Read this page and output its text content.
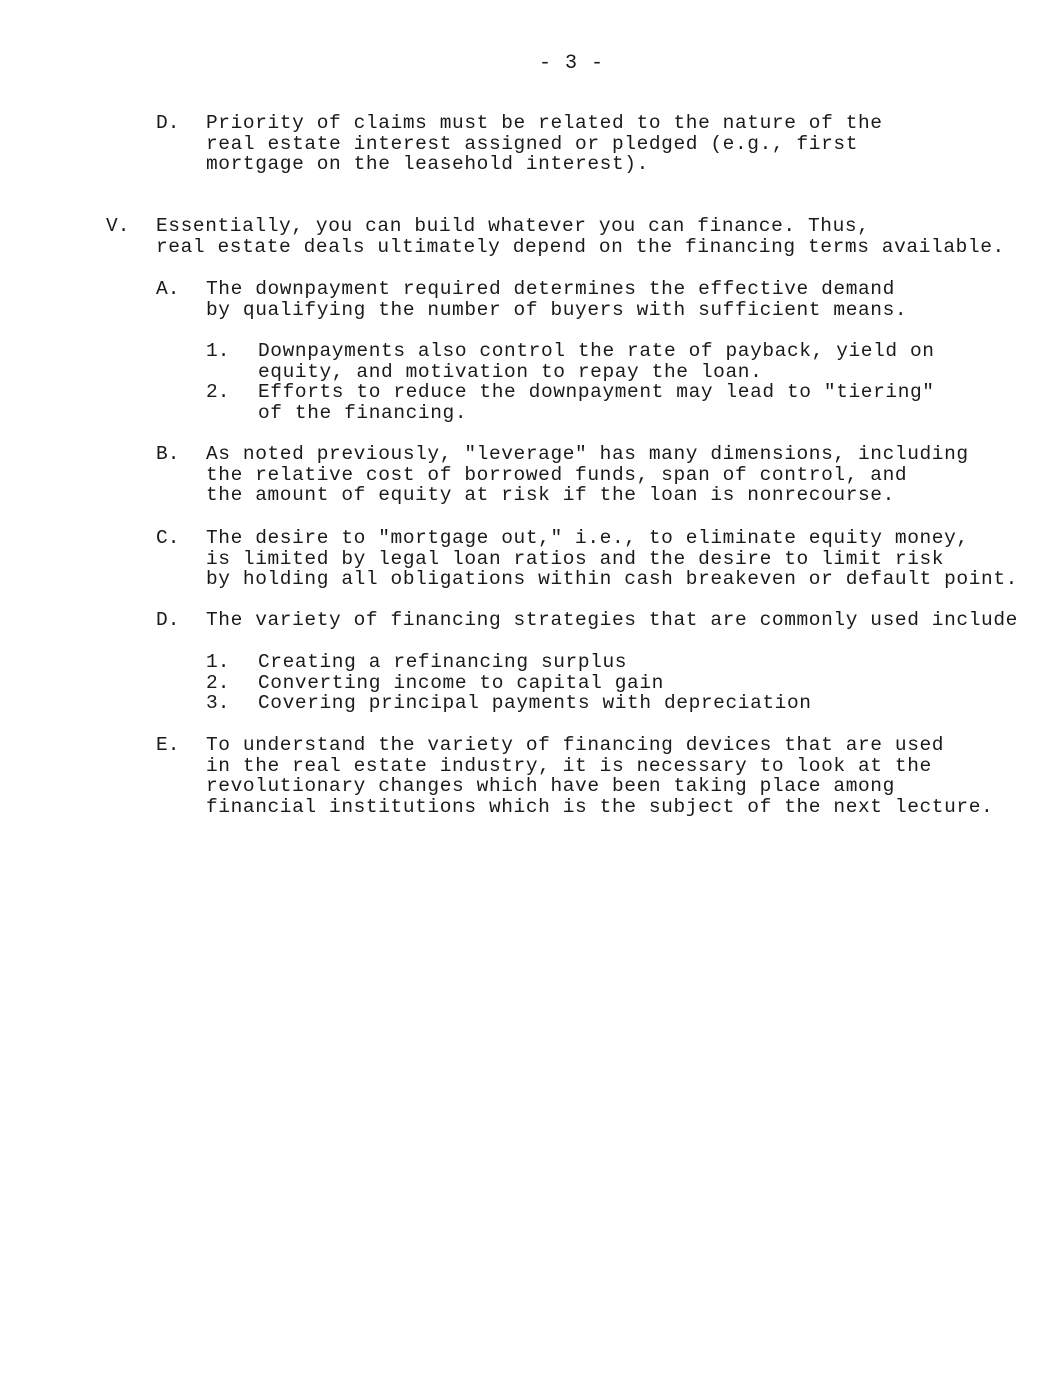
- 3 -
D. Priority of claims must be related to the nature of the
real estate interest assigned or pledged (e.g., first
mortgage on the leasehold interest).
V. Essentially, you can build whatever you can finance. Thus,
real estate deals ultimately depend on the financing terms available.
A. The downpayment required determines the effective demand
by qualifying the number of buyers with sufficient means.
1. Downpayments also control the rate of payback, yield on
equity, and motivation to repay the loan.
2. Efforts to reduce the downpayment may lead to "tiering"
of the financing.
B. As noted previously, "leverage" has many dimensions, including
the relative cost of borrowed funds, span of control, and
the amount of equity at risk if the loan is nonrecourse.
C. The desire to "mortgage out," i.e., to eliminate equity money,
is limited by legal loan ratios and the desire to limit risk
by holding all obligations within cash breakeven or default point.
D. The variety of financing strategies that are commonly used include
1. Creating a refinancing surplus
2. Converting income to capital gain
3. Covering principal payments with depreciation
E. To understand the variety of financing devices that are used
in the real estate industry, it is necessary to look at the
revolutionary changes which have been taking place among
financial institutions which is the subject of the next lecture.
